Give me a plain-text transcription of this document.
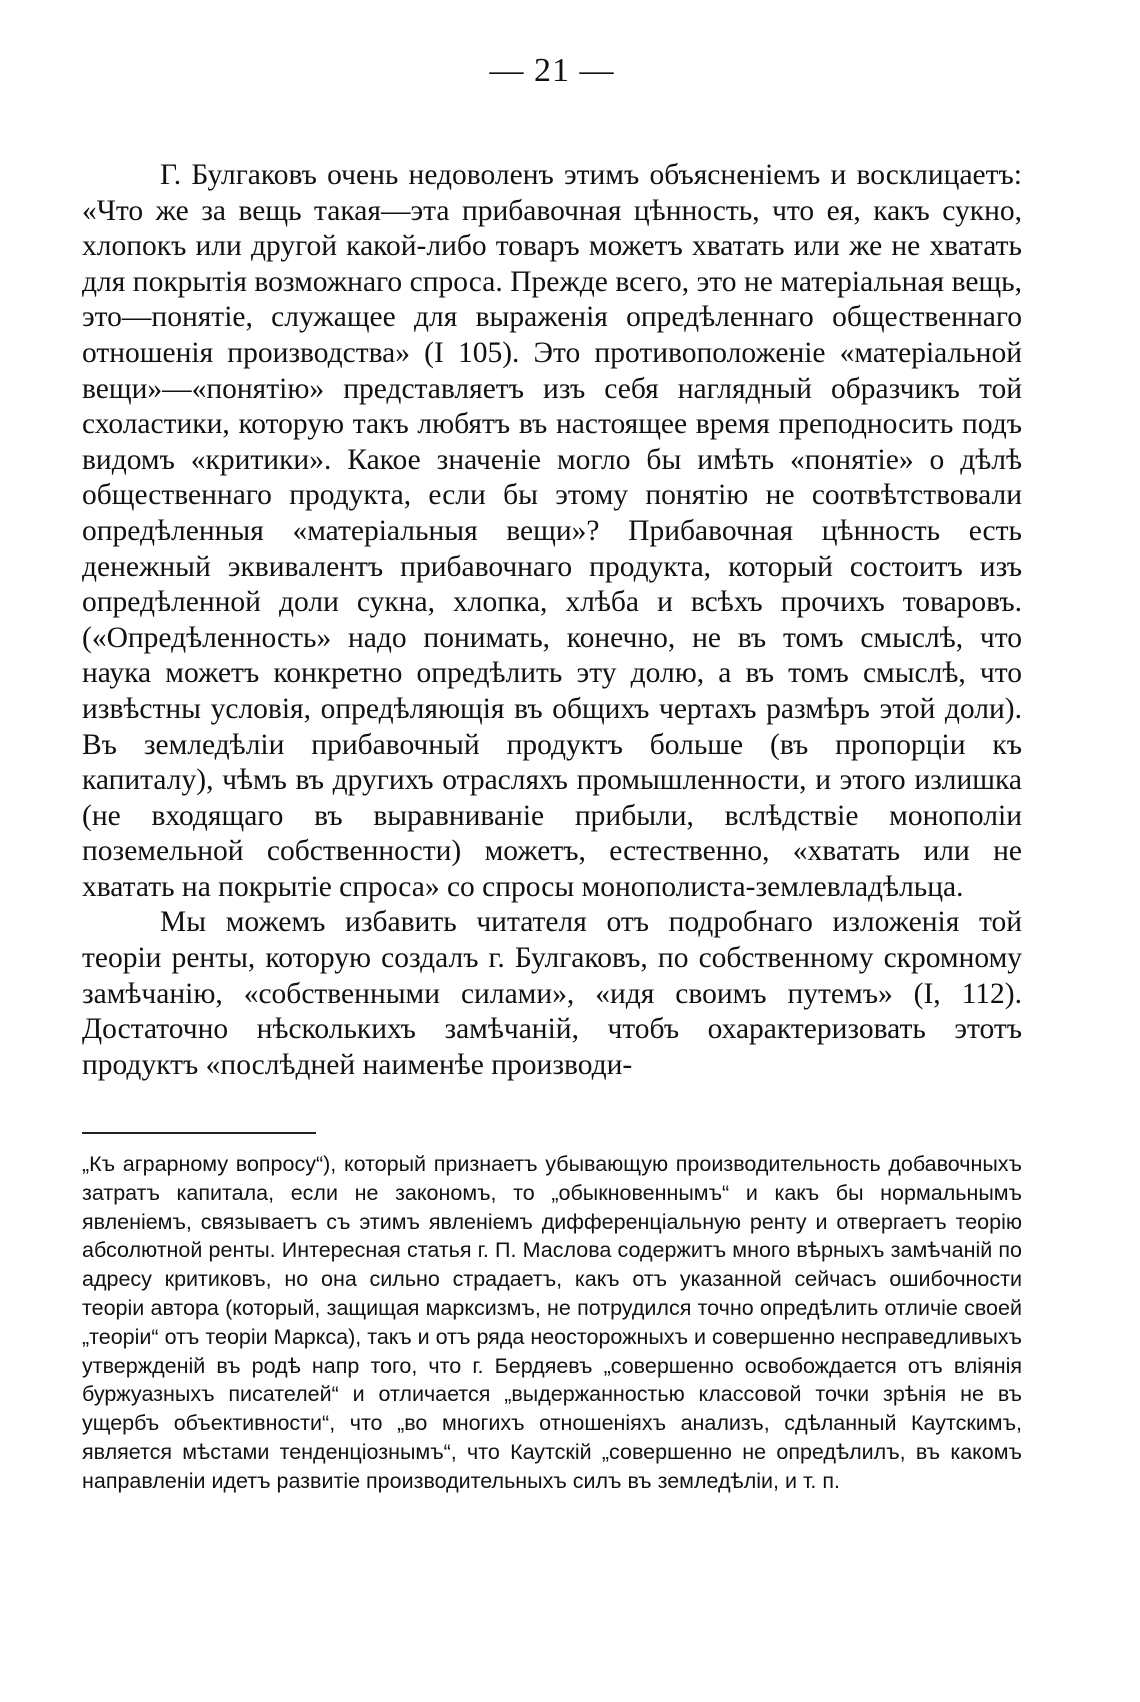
— 21 —

Г. Булгаковъ очень недоволенъ этимъ объясненіемъ и восклицаетъ: «Что же за вещь такая—эта прибавочная цѣнность, что ея, какъ сукно, хлопокъ или другой какой-либо товаръ можетъ хватать или же не хватать для покрытія возможнаго спроса. Прежде всего, это не матеріальная вещь, это—понятіе, служащее для выраженія опредѣленнаго общественнаго отношенія производства» (I 105). Это противоположеніе «матеріальной вещи»—«понятію» представляетъ изъ себя наглядный образчикъ той схоластики, которую такъ любятъ въ настоящее время преподносить подъ видомъ «критики». Какое значеніе могло бы имѣть «понятіе» о дѣлѣ общественнаго продукта, если бы этому понятію не соотвѣтствовали опредѣленныя «матеріальныя вещи»? Прибавочная цѣнность есть денежный эквивалентъ прибавочнаго продукта, который состоитъ изъ опредѣленной доли сукна, хлопка, хлѣба и всѣхъ прочихъ товаровъ. («Опредѣленность» надо понимать, конечно, не въ томъ смыслѣ, что наука можетъ конкретно опредѣлить эту долю, а въ томъ смыслѣ, что извѣстны условія, опредѣляющія въ общихъ чертахъ размѣръ этой доли). Въ земледѣліи прибавочный продуктъ больше (въ пропорціи къ капиталу), чѣмъ въ другихъ отрасляхъ промышленности, и этого излишка (не входящаго въ выравниваніе прибыли, вслѣдствіе монополіи поземельной собственности) можетъ, естественно, «хватать или не хватать на покрытіе спроса» со спросы монополиста-землевладѣльца.

Мы можемъ избавить читателя отъ подробнаго изложенія той теоріи ренты, которую создалъ г. Булгаковъ, по собственному скромному замѣчанію, «собственными силами», «идя своимъ путемъ» (I, 112). Достаточно нѣсколькихъ замѣчаній, чтобъ охарактеризовать этотъ продуктъ «послѣдней наименѣе производи-

„Къ аграрному вопросу“), который признаетъ убывающую производительность добавочныхъ затратъ капитала, если не закономъ, то „обыкновеннымъ“ и какъ бы нормальнымъ явленіемъ, связываетъ съ этимъ явленіемъ дифференціальную ренту и отвергаетъ теорію абсолютной ренты. Интересная статья г. П. Маслова содержитъ много вѣрныхъ замѣчаній по адресу критиковъ, но она сильно страдаетъ, какъ отъ указанной сейчасъ ошибочности теоріи автора (который, защищая марксизмъ, не потрудился точно опредѣлить отличіе своей „теоріи“ отъ теоріи Маркса), такъ и отъ ряда неосторожныхъ и совершенно несправедливыхъ утвержденій въ родѣ напр того, что г. Бердяевъ „совершенно освобождается отъ вліянія буржуазныхъ писателей“ и отличается „выдержанностью классовой точки зрѣнія не въ ущербъ объективности“, что „во многихъ отношеніяхъ анализъ, сдѣланный Каутскимъ, является мѣстами тенденціознымъ“, что Каутскій „совершенно не опредѣлилъ, въ какомъ направленіи идетъ развитіе производительныхъ силъ въ земледѣліи, и т. п.
